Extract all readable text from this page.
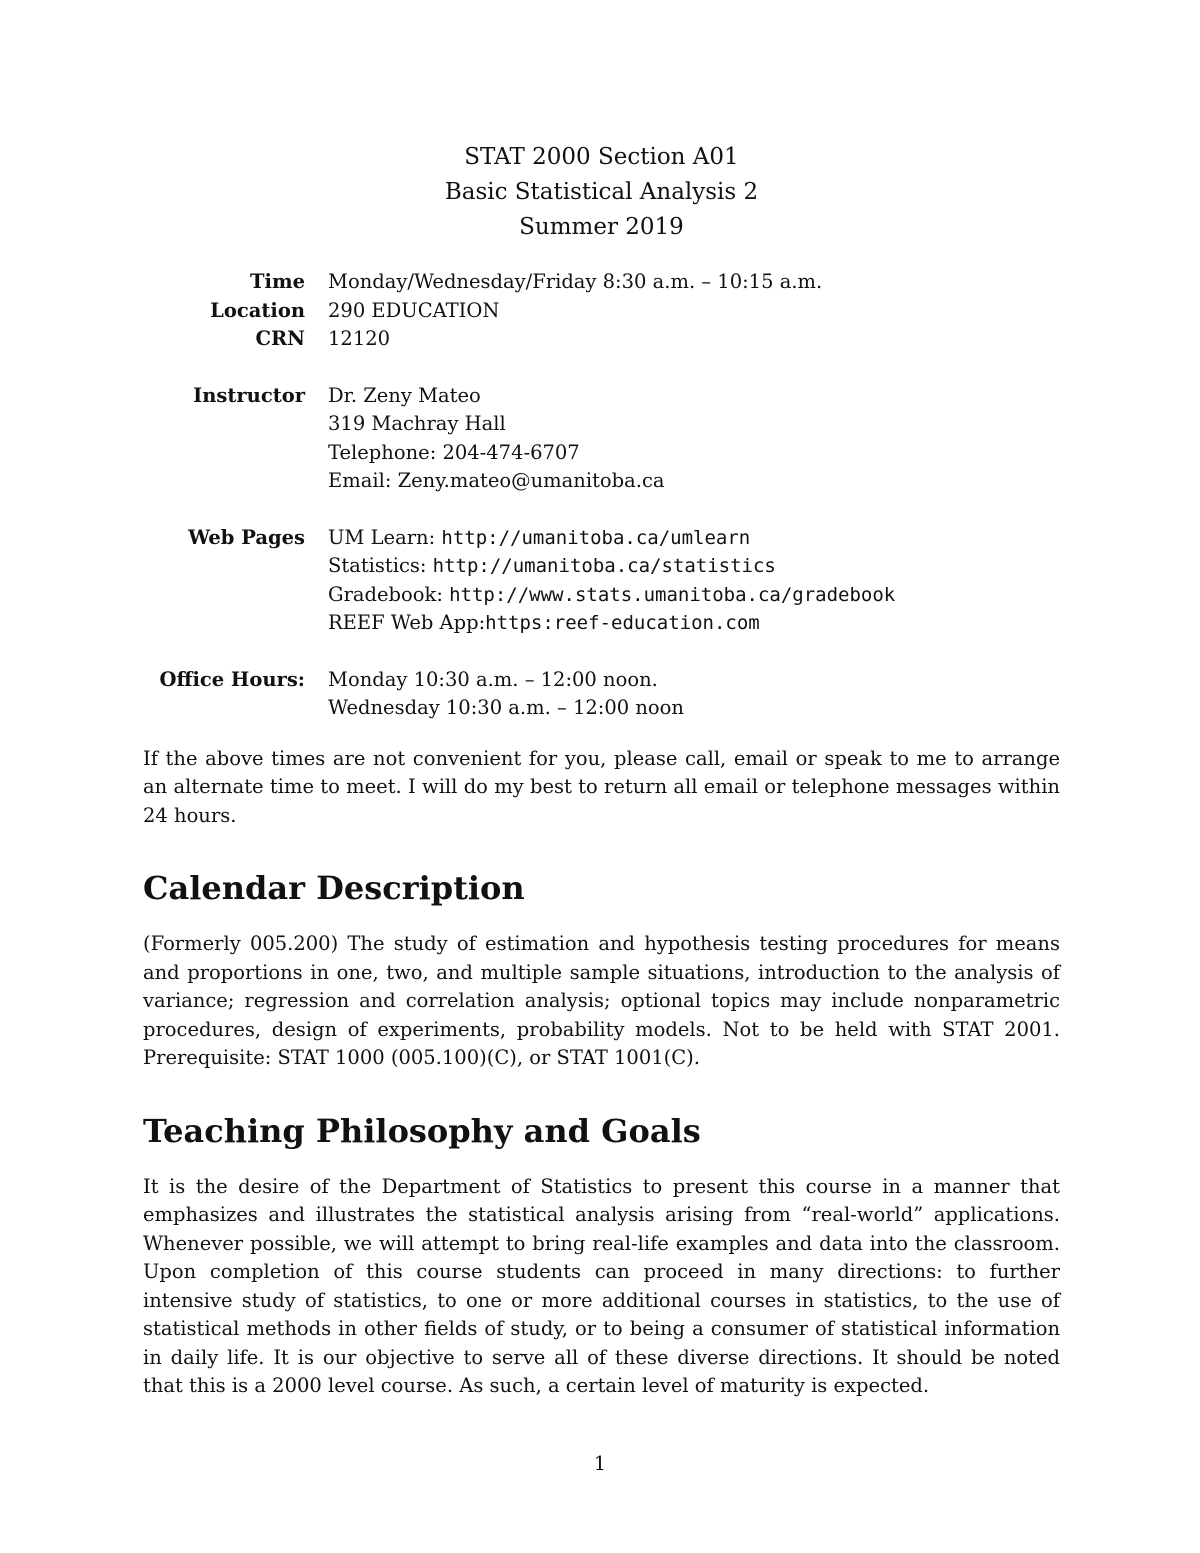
STAT 2000 Section A01
Basic Statistical Analysis 2
Summer 2019
Time
Location
CRN
Monday/Wednesday/Friday 8:30 a.m. – 10:15 a.m.
290 EDUCATION
12120
Instructor Dr. Zeny Mateo
319 Machray Hall
Telephone: 204-474-6707
Email: Zeny.mateo@umanitoba.ca
Web Pages UM Learn: http://umanitoba.ca/umlearn
Statistics: http://umanitoba.ca/statistics
Gradebook: http://www.stats.umanitoba.ca/gradebook
REEF Web App:https:reef-education.com
Office Hours: Monday 10:30 a.m. – 12:00 noon.
Wednesday 10:30 a.m. – 12:00 noon

If the above times are not convenient for you, please call, email or speak to me to arrange an alternate time to meet. I will do my best to return all email or telephone messages within 24 hours.

Calendar Description

(Formerly 005.200) The study of estimation and hypothesis testing procedures for means and proportions in one, two, and multiple sample situations, introduction to the analysis of variance; regression and correlation analysis; optional topics may include nonparametric procedures, design of experiments, probability models. Not to be held with STAT 2001. Prerequisite: STAT 1000 (005.100)(C), or STAT 1001(C).

Teaching Philosophy and Goals

It is the desire of the Department of Statistics to present this course in a manner that emphasizes and illustrates the statistical analysis arising from “real-world” applications. Whenever possible, we will attempt to bring real-life examples and data into the classroom. Upon completion of this course students can proceed in many directions: to further intensive study of statistics, to one or more additional courses in statistics, to the use of statistical methods in other fields of study, or to being a consumer of statistical information in daily life. It is our objective to serve all of these diverse directions. It should be noted that this is a 2000 level course. As such, a certain level of maturity is expected.

1
